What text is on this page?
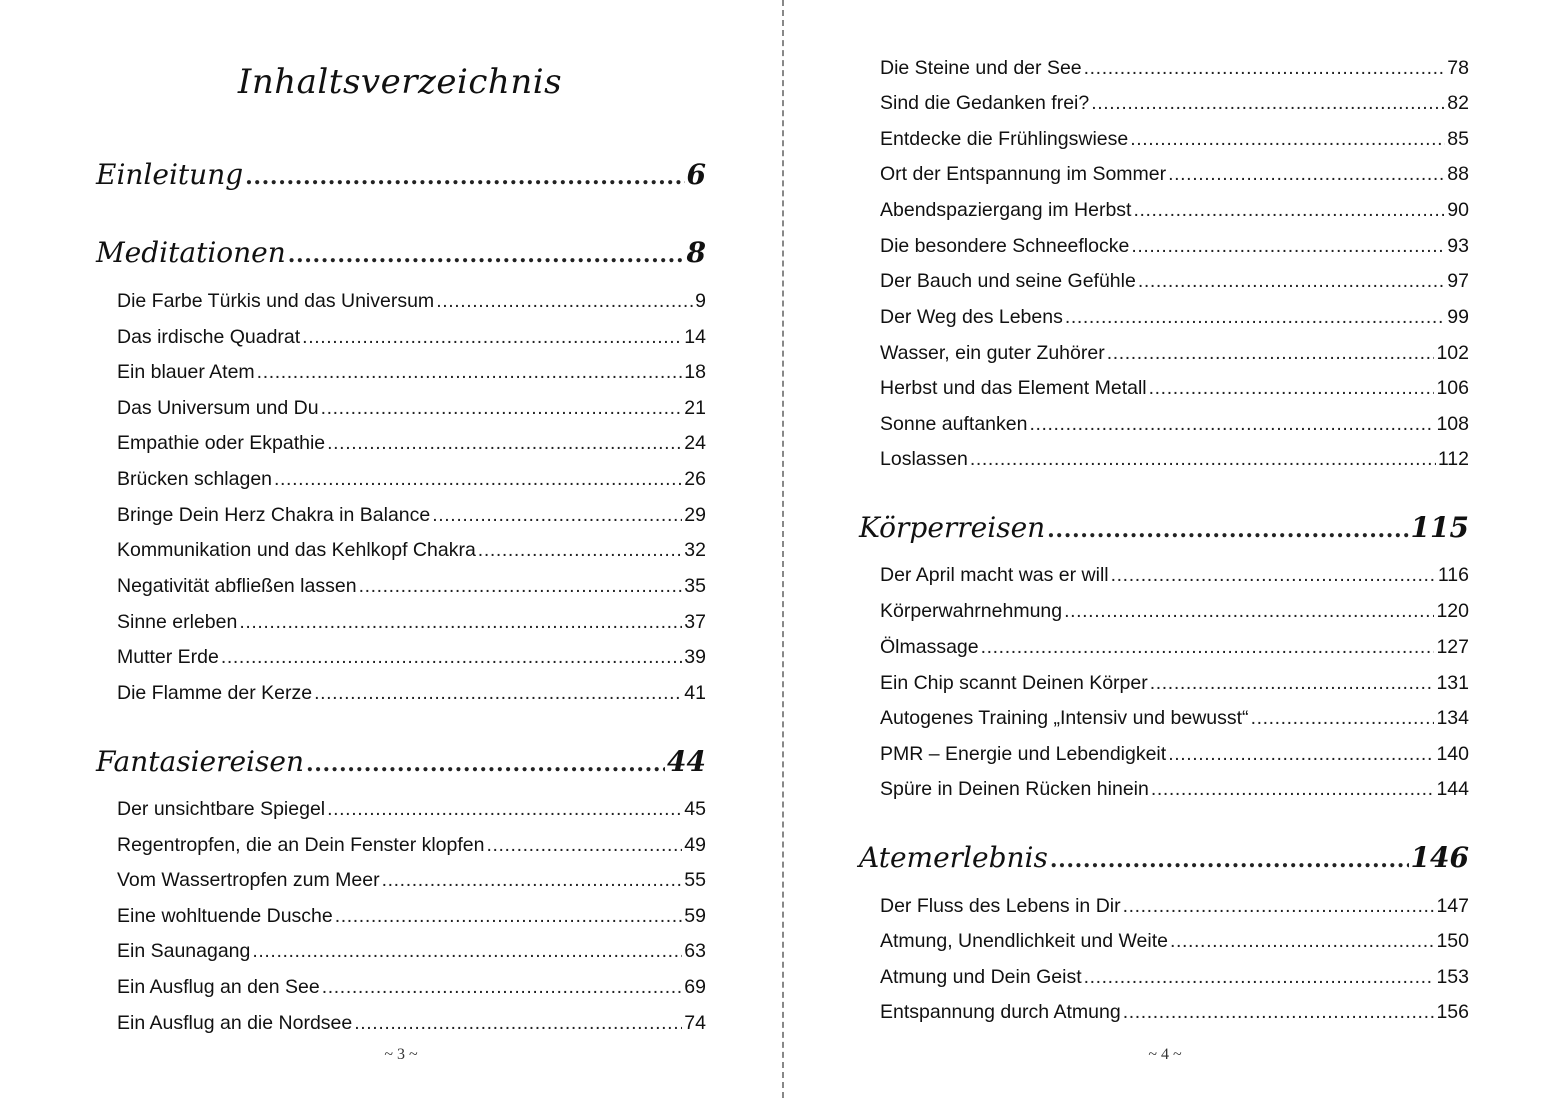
Inhaltsverzeichnis
Einleitung .....	6
Meditationen .....	8
Die Farbe Türkis und das Universum .....	9
Das irdische Quadrat .....	14
Ein blauer Atem .....	18
Das Universum und Du .....	21
Empathie oder Ekpathie .....	24
Brücken schlagen .....	26
Bringe Dein Herz Chakra in Balance .....	29
Kommunikation und das Kehlkopf Chakra .....	32
Negativität abfließen lassen .....	35
Sinne erleben .....	37
Mutter Erde .....	39
Die Flamme der Kerze .....	41
Fantasiereisen .....	44
Der unsichtbare Spiegel .....	45
Regentropfen, die an Dein Fenster klopfen .....	49
Vom Wassertropfen zum Meer .....	55
Eine wohltuende Dusche .....	59
Ein Saunagang .....	63
Ein Ausflug an den See .....	69
Ein Ausflug an die Nordsee .....	74
~ 3 ~
Die Steine und der See .....	78
Sind die Gedanken frei? .....	82
Entdecke die Frühlingswiese .....	85
Ort der Entspannung im Sommer .....	88
Abendspaziergang im Herbst .....	90
Die besondere Schneeflocke .....	93
Der Bauch und seine Gefühle .....	97
Der Weg des Lebens .....	99
Wasser, ein guter Zuhörer .....	102
Herbst und das Element Metall .....	106
Sonne auftanken .....	108
Loslassen .....	112
Körperreisen .....	115
Der April macht was er will .....	116
Körperwahrnehmung .....	120
Ölmassage .....	127
Ein Chip scannt Deinen Körper .....	131
Autogenes Training „Intensiv und bewusst“ .....	134
PMR – Energie und Lebendigkeit .....	140
Spüre in Deinen Rücken hinein .....	144
Atemerlebnis .....	146
Der Fluss des Lebens in Dir .....	147
Atmung, Unendlichkeit und Weite .....	150
Atmung und Dein Geist .....	153
Entspannung durch Atmung .....	156
~ 4 ~
